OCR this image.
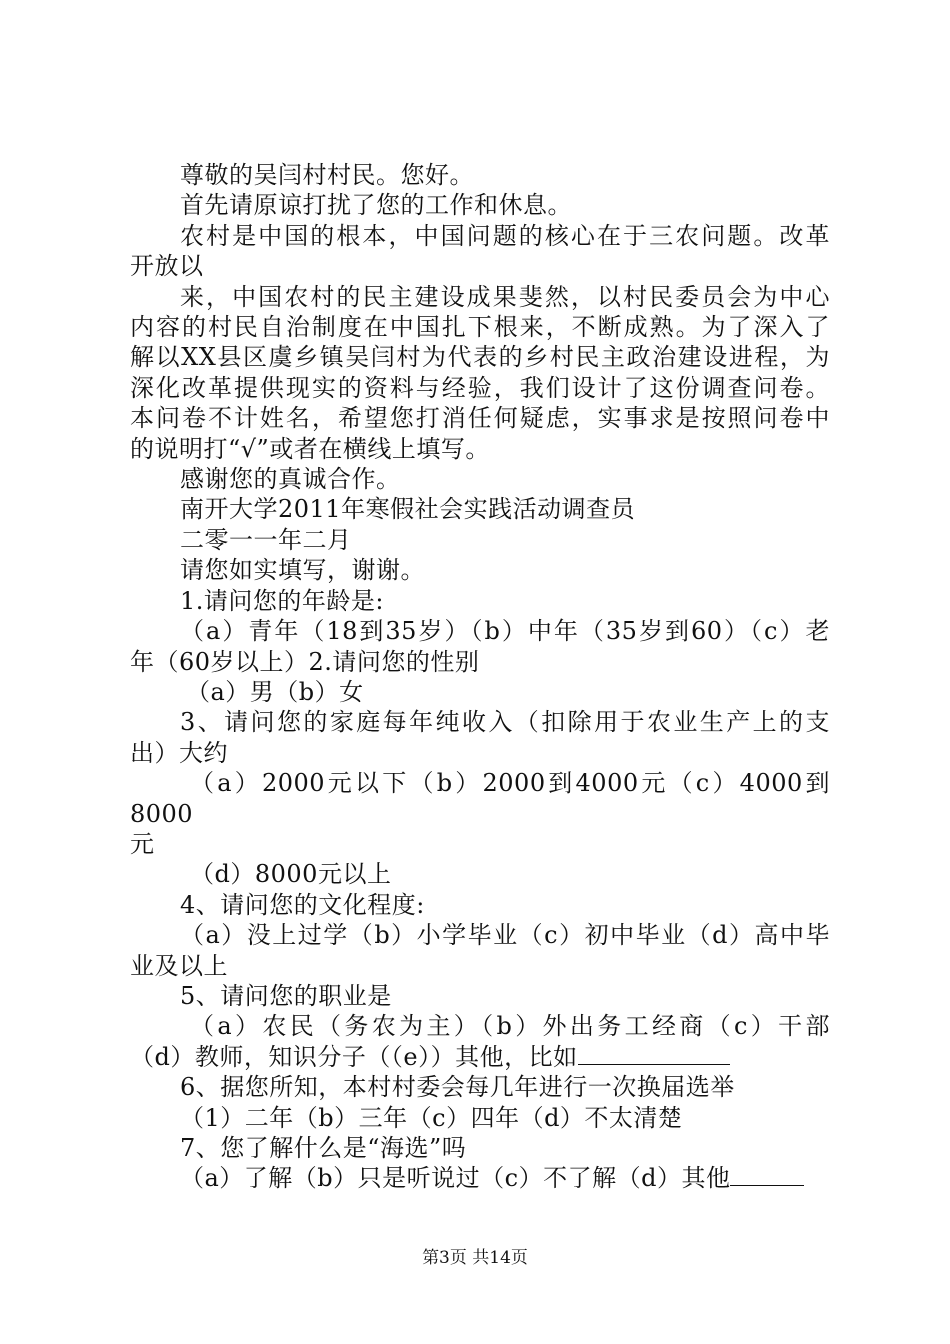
尊敬的吴闫村村民。您好。

首先请原谅打扰了您的工作和休息。

农村是中国的根本，中国问题的核心在于三农问题。改革

开放以

来，中国农村的民主建设成果斐然，以村民委员会为中心

内容的村民自治制度在中国扎下根来，不断成熟。为了深入了

解以XX县区虞乡镇吴闫村为代表的乡村民主政治建设进程，为

深化改革提供现实的资料与经验，我们设计了这份调查问卷。

本问卷不计姓名，希望您打消任何疑虑，实事求是按照问卷中

的说明打“√”或者在横线上填写。

感谢您的真诚合作。

南开大学2011年寒假社会实践活动调查员

二零一一年二月

请您如实填写，谢谢。

1.请问您的年龄是:

（a）青年（18到35岁）（b）中年（35岁到60）（c）老

年（60岁以上）2.请问您的性别

（a）男（b）女

3、请问您的家庭每年纯收入（扣除用于农业生产上的支

出）大约

（a）2000元以下（b）2000到4000元（c）4000到8000

元

（d）8000元以上

4、请问您的文化程度:

（a）没上过学（b）小学毕业（c）初中毕业（d）高中毕

业及以上

5、请问您的职业是

（a）农民（务农为主）（b）外出务工经商（c）干部

（d）教师，知识分子（（e））其他，比如

6、据您所知，本村村委会每几年进行一次换届选举

（1）二年（b）三年（c）四年（d）不太清楚

7、您了解什么是“海选”吗

（a）了解（b）只是听说过（c）不了解（d）其他

第3页 共14页
